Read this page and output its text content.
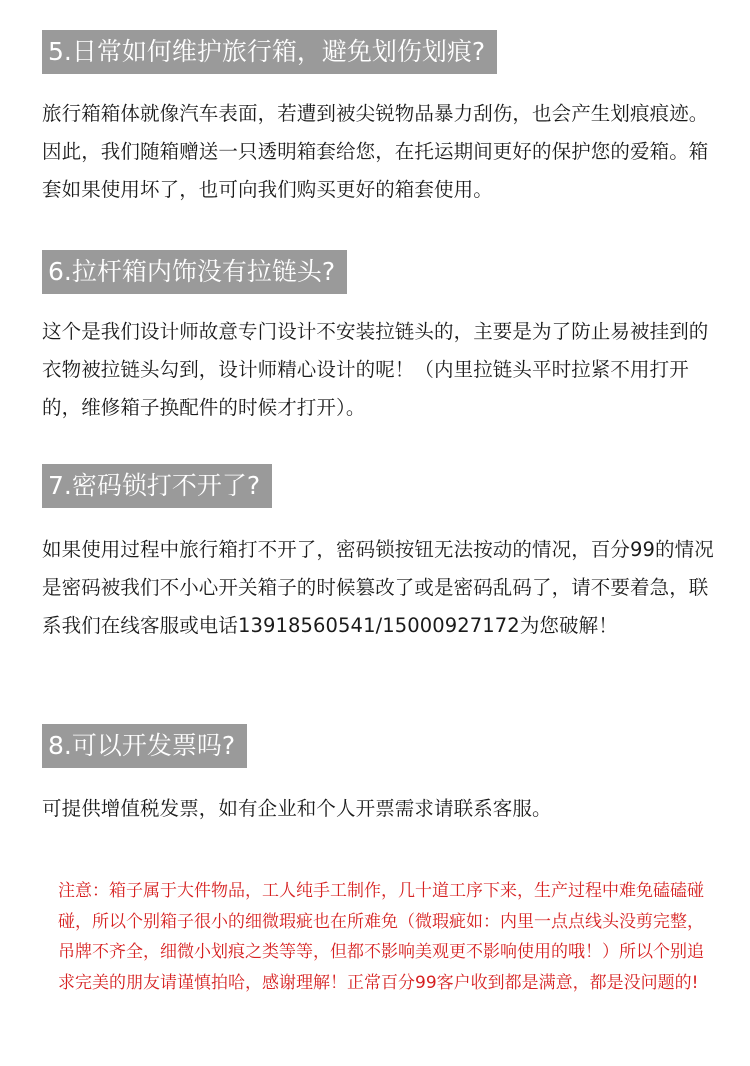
5.日常如何维护旅行箱，避免划伤划痕?
旅行箱箱体就像汽车表面，若遭到被尖锐物品暴力刮伤，也会产生划痕痕迹。因此，我们随箱赠送一只透明箱套给您，在托运期间更好的保护您的爱箱。箱套如果使用坏了，也可向我们购买更好的箱套使用。
6.拉杆箱内饰没有拉链头?
这个是我们设计师故意专门设计不安装拉链头的，主要是为了防止易被挂到的衣物被拉链头勾到，设计师精心设计的呢！（内里拉链头平时拉紧不用打开的，维修箱子换配件的时候才打开）。
7.密码锁打不开了?
如果使用过程中旅行箱打不开了，密码锁按钮无法按动的情况，百分99的情况是密码被我们不小心开关箱子的时候篡改了或是密码乱码了，请不要着急，联系我们在线客服或电话13918560541/15000927172为您破解！
8.可以开发票吗?
可提供增值税发票，如有企业和个人开票需求请联系客服。
注意：箱子属于大件物品，工人纯手工制作，几十道工序下来，生产过程中难免磕磕碰碰，所以个别箱子很小的细微瑕疵也在所难免（微瑕疵如：内里一点点线头没剪完整，吊牌不齐全，细微小划痕之类等等，但都不影响美观更不影响使用的哦！）所以个别追求完美的朋友请谨慎拍哈，感谢理解！正常百分99客户收到都是满意，都是没问题的!
